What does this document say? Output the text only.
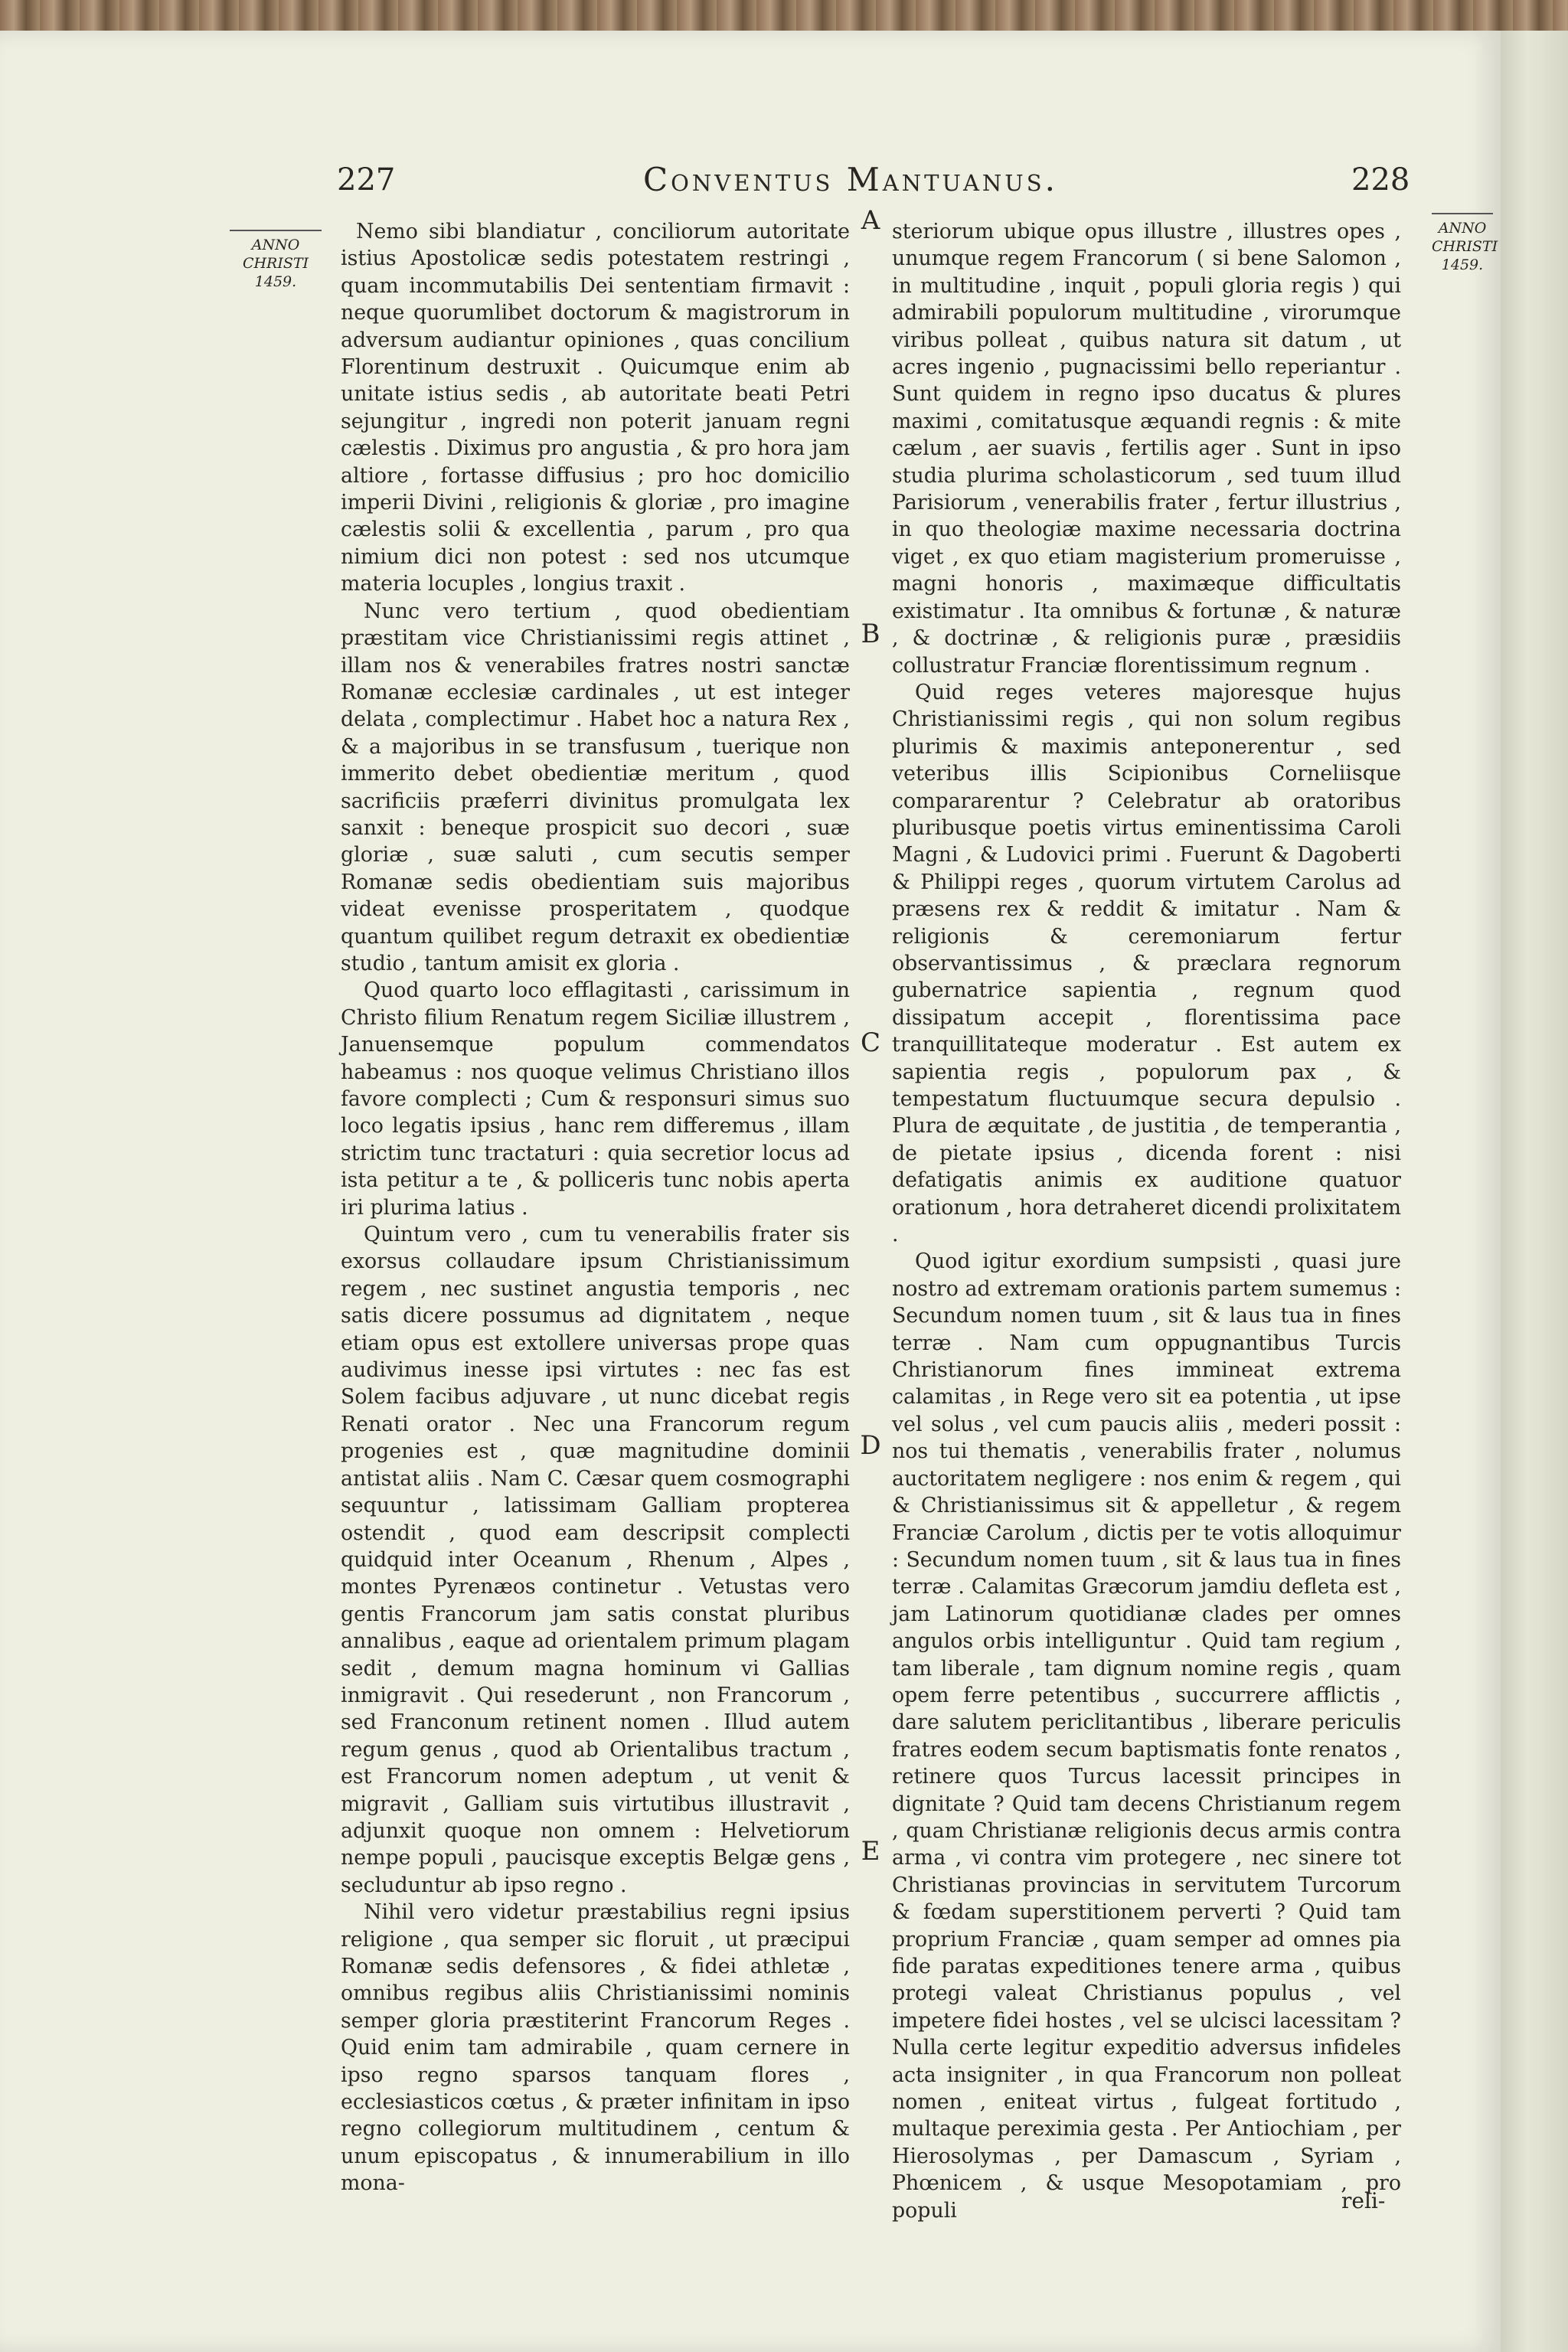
227	Conventus Mantuanus.	228
ANNO
CHRISTI
1459.
ANNO
CHRISTI
1459.

Nemo sibi blandiatur , conciliorum autoritate istius Apostolicæ sedis potestatem restringi , quam incommutabilis Dei sententiam firmavit : neque quorumlibet doctorum & magistrorum in adversum audiantur opiniones , quas concilium Florentinum destruxit . Quicumque enim ab unitate istius sedis , ab autoritate beati Petri sejungitur , ingredi non poterit januam regni cælestis . Diximus pro angustia , & pro hora jam altiore , fortasse diffusius ; pro hoc domicilio imperii Divini , religionis & gloriæ , pro imagine cælestis solii & excellentia , parum , pro qua nimium dici non potest : sed nos utcumque materia locuples , longius traxit .

Nunc vero tertium , quod obedientiam præstitam vice Christianissimi regis attinet , illam nos & venerabiles fratres nostri sanctæ Romanæ ecclesiæ cardinales , ut est integer delata , complectimur . Habet hoc a natura Rex , & a majoribus in se transfusum , tuerique non immerito debet obedientiæ meritum , quod sacrificiis præferri divinitus promulgata lex sanxit : beneque prospicit suo decori , suæ gloriæ , suæ saluti , cum secutis semper Romanæ sedis obedientiam suis majoribus videat evenisse prosperitatem , quodque quantum quilibet regum detraxit ex obedientiæ studio , tantum amisit ex gloria .

Quod quarto loco efflagitasti , carissimum in Christo filium Renatum regem Siciliæ illustrem , Januensemque populum commendatos habeamus : nos quoque velimus Christiano illos favore complecti ; Cum & responsuri simus suo loco legatis ipsius , hanc rem differemus , illam strictim tunc tractaturi : quia secretior locus ad ista petitur a te , & polliceris tunc nobis aperta iri plurima latius .

Quintum vero , cum tu venerabilis frater sis exorsus collaudare ipsum Christianissimum regem , nec sustinet angustia temporis , nec satis dicere possumus ad dignitatem , neque etiam opus est extollere universas prope quas audivimus inesse ipsi virtutes : nec fas est Solem facibus adjuvare , ut nunc dicebat regis Renati orator . Nec una Francorum regum progenies est , quæ magnitudine dominii antistat aliis . Nam C. Cæsar quem cosmographi sequuntur , latissimam Galliam propterea ostendit , quod eam descripsit complecti quidquid inter Oceanum , Rhenum , Alpes , montes Pyrenæos continetur . Vetustas vero gentis Francorum jam satis constat pluribus annalibus , eaque ad orientalem primum plagam sedit , demum magna hominum vi Gallias inmigravit . Qui resederunt , non Francorum , sed Franconum retinent nomen . Illud autem regum genus , quod ab Orientalibus tractum , est Francorum nomen adeptum , ut venit & migravit , Galliam suis virtutibus illustravit , adjunxit quoque non omnem : Helvetiorum nempe populi , paucisque exceptis Belgæ gens , secluduntur ab ipso regno .

Nihil vero videtur præstabilius regni ipsius religione , qua semper sic floruit , ut præcipui Romanæ sedis defensores , & fidei athletæ , omnibus regibus aliis Christianissimi nominis semper gloria præstiterint Francorum Reges . Quid enim tam admirabile , quam cernere in ipso regno sparsos tanquam flores , ecclesiasticos cœtus , & præter infinitam in ipso regno collegiorum multitudinem , centum & unum episcopatus , & innumerabilium in illo mona-

A
B
C
D
E

steriorum ubique opus illustre , illustres opes , unumque regem Francorum ( si bene Salomon , in multitudine , inquit , populi gloria regis ) qui admirabili populorum multitudine , virorumque viribus polleat , quibus natura sit datum , ut acres ingenio , pugnacissimi bello reperiantur . Sunt quidem in regno ipso ducatus & plures maximi , comitatusque æquandi regnis : & mite cælum , aer suavis , fertilis ager . Sunt in ipso studia plurima scholasticorum , sed tuum illud Parisiorum , venerabilis frater , fertur illustrius , in quo theologiæ maxime necessaria doctrina viget , ex quo etiam magisterium promeruisse , magni honoris , maximæque difficultatis existimatur . Ita omnibus & fortunæ , & naturæ , & doctrinæ , & religionis puræ , præsidiis collustratur Franciæ florentissimum regnum .

Quid reges veteres majoresque hujus Christianissimi regis , qui non solum regibus plurimis & maximis anteponerentur , sed veteribus illis Scipionibus Corneliisque compararentur ? Celebratur ab oratoribus pluribusque poetis virtus eminentissima Caroli Magni , & Ludovici primi . Fuerunt & Dagoberti & Philippi reges , quorum virtutem Carolus ad præsens rex & reddit & imitatur . Nam & religionis & ceremoniarum fertur observantissimus , & præclara regnorum gubernatrice sapientia , regnum quod dissipatum accepit , florentissima pace tranquillitateque moderatur . Est autem ex sapientia regis , populorum pax , & tempestatum fluctuumque secura depulsio . Plura de æquitate , de justitia , de temperantia , de pietate ipsius , dicenda forent : nisi defatigatis animis ex auditione quatuor orationum , hora detraheret dicendi prolixitatem .

Quod igitur exordium sumpsisti , quasi jure nostro ad extremam orationis partem sumemus : Secundum nomen tuum , sit & laus tua in fines terræ . Nam cum oppugnantibus Turcis Christianorum fines immineat extrema calamitas , in Rege vero sit ea potentia , ut ipse vel solus , vel cum paucis aliis , mederi possit : nos tui thematis , venerabilis frater , nolumus auctoritatem negligere : nos enim & regem , qui & Christianissimus sit & appelletur , & regem Franciæ Carolum , dictis per te votis alloquimur : Secundum nomen tuum , sit & laus tua in fines terræ . Calamitas Græcorum jamdiu defleta est , jam Latinorum quotidianæ clades per omnes angulos orbis intelliguntur . Quid tam regium , tam liberale , tam dignum nomine regis , quam opem ferre petentibus , succurrere afflictis , dare salutem periclitantibus , liberare periculis fratres eodem secum baptismatis fonte renatos , retinere quos Turcus lacessit principes in dignitate ? Quid tam decens Christianum regem , quam Christianæ religionis decus armis contra arma , vi contra vim protegere , nec sinere tot Christianas provincias in servitutem Turcorum & fœdam superstitionem perverti ? Quid tam proprium Franciæ , quam semper ad omnes pia fide paratas expeditiones tenere arma , quibus protegi valeat Christianus populus , vel impetere fidei hostes , vel se ulcisci lacessitam ? Nulla certe legitur expeditio adversus infideles acta insigniter , in qua Francorum non polleat nomen , eniteat virtus , fulgeat fortitudo , multaque pereximia gesta . Per Antiochiam , per Hierosolymas , per Damascum , Syriam , Phœnicem , & usque Mesopotamiam , pro populi	reli-
